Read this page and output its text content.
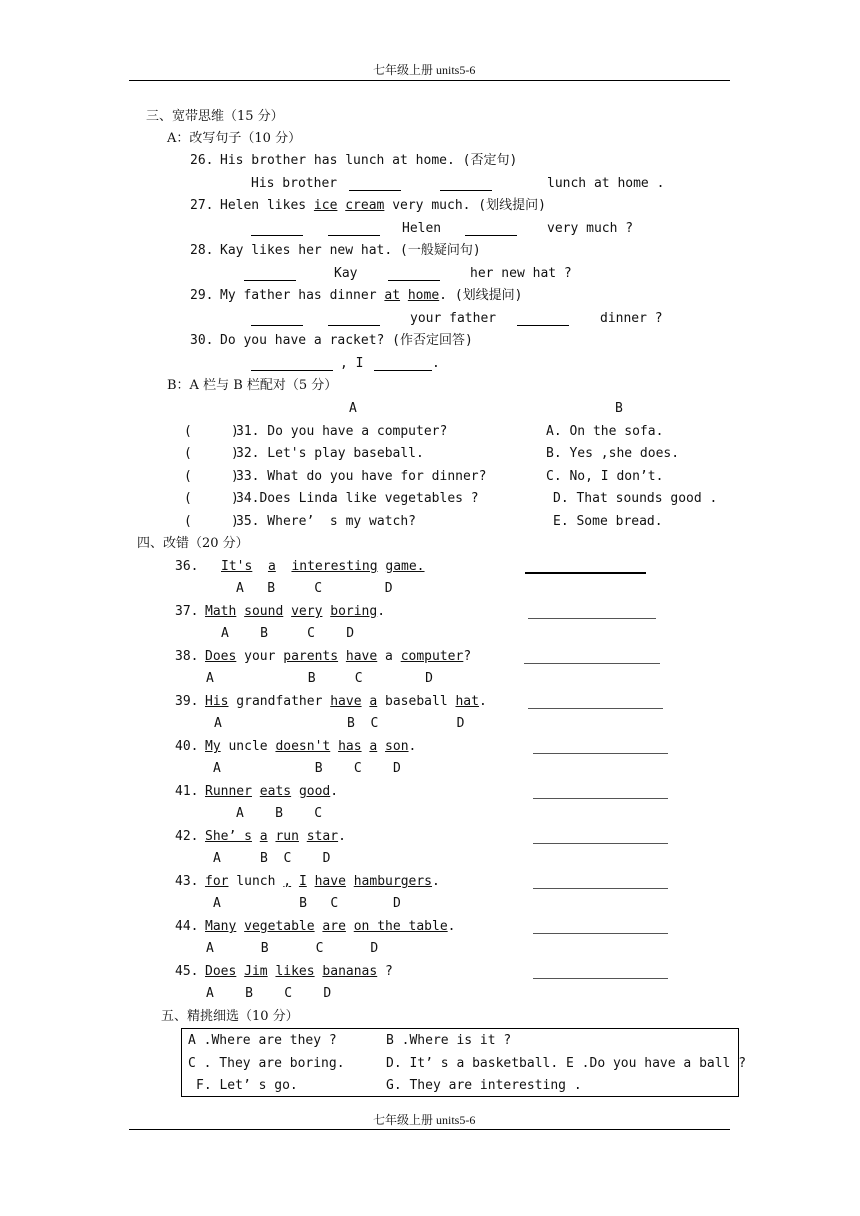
七年级上册 units5-6
三、宽带思维（15 分）
A：改写句子（10 分）
26. His brother has lunch at home. (否定句)
His brother	lunch at home .
27. Helen likes ice cream very much. (划线提问)
Helen	very much ?
28. Kay likes her new hat. (一般疑问句)
Kay	her new hat ?
29. My father has dinner at home. (划线提问)
your father	dinner ?
30. Do you have a racket? (作否定回答)
, I	.
B：A 栏与 B 栏配对（5 分）
A	B
(     )
31. Do you have a computer?	A. On the sofa.
(     )
32. Let's play baseball.	B. Yes ,she does.
(     )
33. What do you have for dinner?	C. No, I don’t.
(     )
34.Does Linda like vegetables ?	D. That sounds good .
(     )
35. Where’  s my watch?	E. Some bread.
四、改错（20 分）
36. It's a interesting game.
A   B     C        D
37. Math sound very boring.
A    B     C    D
38. Does your parents have a computer?
A            B     C        D
39. His grandfather have a baseball hat.
A                B  C          D
40. My uncle doesn't has a son.
A            B    C    D
41. Runner eats good.
A    B    C
42. She’ s a run star.
A     B  C    D
43. for lunch , I have hamburgers.
A          B   C       D
44. Many vegetable are on the table.
A      B      C      D
45. Does Jim likes bananas ?
A    B    C    D
五、精挑细选（10 分）
A .Where are they ?	B .Where is it ?
C . They are boring.	D. It’ s a basketball. E .Do you have a ball ?
F. Let’ s go.	G. They are interesting .
七年级上册 units5-6
